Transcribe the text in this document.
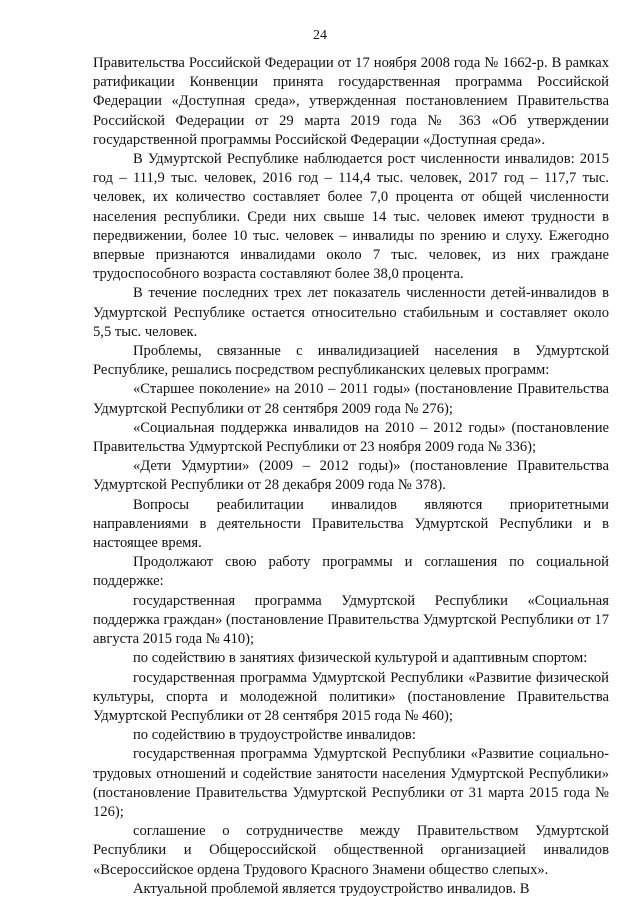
24

Правительства Российской Федерации от 17 ноября 2008 года № 1662-р. В рамках ратификации Конвенции принята государственная программа Российской Федерации «Доступная среда», утвержденная постановлением Правительства Российской Федерации от 29 марта 2019 года № 363 «Об утверждении государственной программы Российской Федерации «Доступная среда».

В Удмуртской Республике наблюдается рост численности инвалидов: 2015 год – 111,9 тыс. человек, 2016 год – 114,4 тыс. человек, 2017 год – 117,7 тыс. человек, их количество составляет более 7,0 процента от общей численности населения республики. Среди них свыше 14 тыс. человек имеют трудности в передвижении, более 10 тыс. человек – инвалиды по зрению и слуху. Ежегодно впервые признаются инвалидами около 7 тыс. человек, из них граждане трудоспособного возраста составляют более 38,0 процента.

В течение последних трех лет показатель численности детей-инвалидов в Удмуртской Республике остается относительно стабильным и составляет около 5,5 тыс. человек.

Проблемы, связанные с инвалидизацией населения в Удмуртской Республике, решались посредством республиканских целевых программ:

«Старшее поколение» на 2010 – 2011 годы» (постановление Правительства Удмуртской Республики от 28 сентября 2009 года № 276);

«Социальная поддержка инвалидов на 2010 – 2012 годы» (постановление Правительства Удмуртской Республики от 23 ноября 2009 года № 336);

«Дети Удмуртии» (2009 – 2012 годы)» (постановление Правительства Удмуртской Республики от 28 декабря 2009 года № 378).

Вопросы реабилитации инвалидов являются приоритетными направлениями в деятельности Правительства Удмуртской Республики и в настоящее время.

Продолжают свою работу программы и соглашения по социальной поддержке:

государственная программа Удмуртской Республики «Социальная поддержка граждан» (постановление Правительства Удмуртской Республики от 17 августа 2015 года № 410);

по содействию в занятиях физической культурой и адаптивным спортом:

государственная программа Удмуртской Республики «Развитие физической культуры, спорта и молодежной политики» (постановление Правительства Удмуртской Республики от 28 сентября 2015 года № 460);

по содействию в трудоустройстве инвалидов:

государственная программа Удмуртской Республики «Развитие социально-трудовых отношений и содействие занятости населения Удмуртской Республики» (постановление Правительства Удмуртской Республики от 31 марта 2015 года № 126);

соглашение о сотрудничестве между Правительством Удмуртской Республики и Общероссийской общественной организацией инвалидов «Всероссийское ордена Трудового Красного Знамени общество слепых».

Актуальной проблемой является трудоустройство инвалидов. В
